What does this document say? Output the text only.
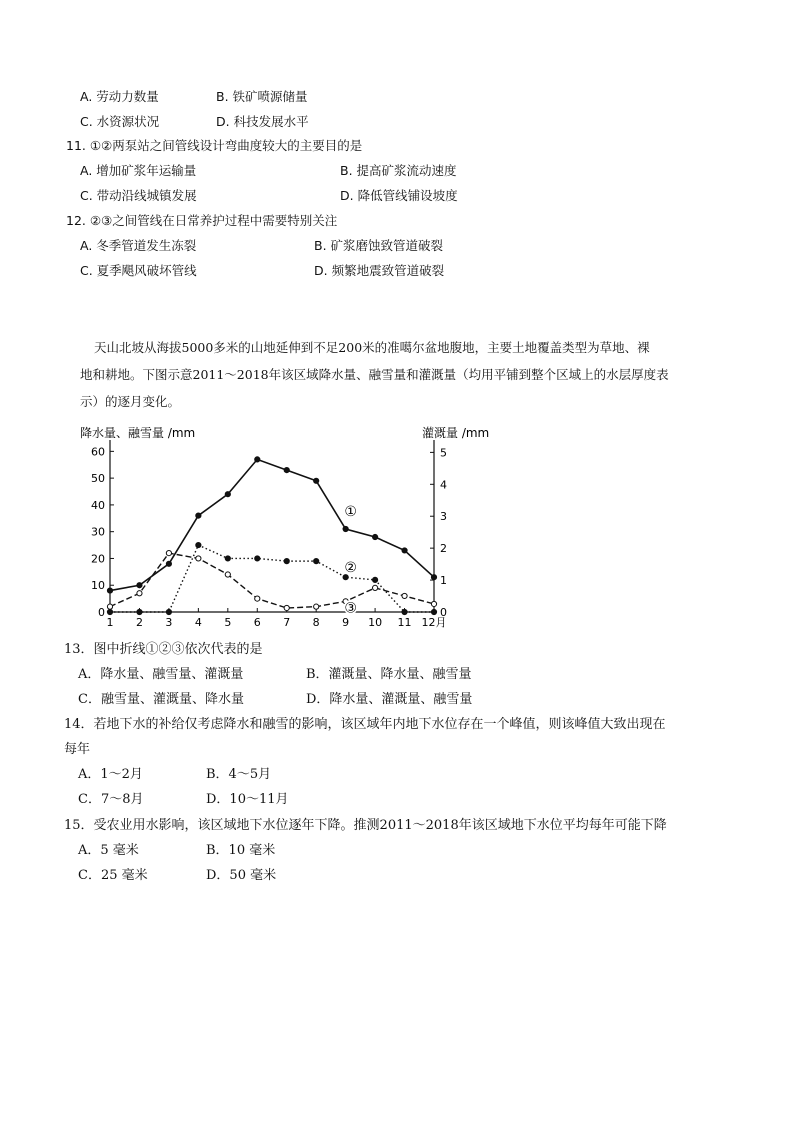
A. 劳动力数量	B. 铁矿喷源储量
C. 水资源状况	D. 科技发展水平
11. ①②两泵站之间管线设计弯曲度较大的主要目的是
A. 增加矿浆年运输量	B. 提高矿浆流动速度
C. 带动沿线城镇发展	D. 降低管线铺设坡度
12. ②③之间管线在日常养护过程中需要特别关注
A. 冬季管道发生冻裂	B. 矿浆磨蚀致管道破裂
C. 夏季飓风破坏管线	D. 频繁地震致管道破裂
天山北坡从海拔5000多米的山地延伸到不足200米的准噶尔盆地腹地，主要土地覆盖类型为草地、裸
地和耕地。下图示意2011～2018年该区域降水量、融雪量和灌溉量（均用平铺到整个区域上的水层厚度表
示）的逐月变化。
降水量、融雪量 /mm	灌溉量 /mm
①
②
③
0
10
20
30
40
50
60
0
1
2
3
4
5
1 2 3 4 5 6 7 8 9 10 11 12月
13．图中折线①②③依次代表的是
A．降水量、融雪量、灌溉量	B．灌溉量、降水量、融雪量
C．融雪量、灌溉量、降水量	D．降水量、灌溉量、融雪量
14．若地下水的补给仅考虑降水和融雪的影响，该区域年内地下水位存在一个峰值，则该峰值大致出现在
每年
A．1～2月	B．4～5月
C．7～8月	D．10～11月
15．受农业用水影响，该区域地下水位逐年下降。推测2011～2018年该区域地下水位平均每年可能下降
A．5 毫米	B．10 毫米
C．25 毫米	D．50 毫米
